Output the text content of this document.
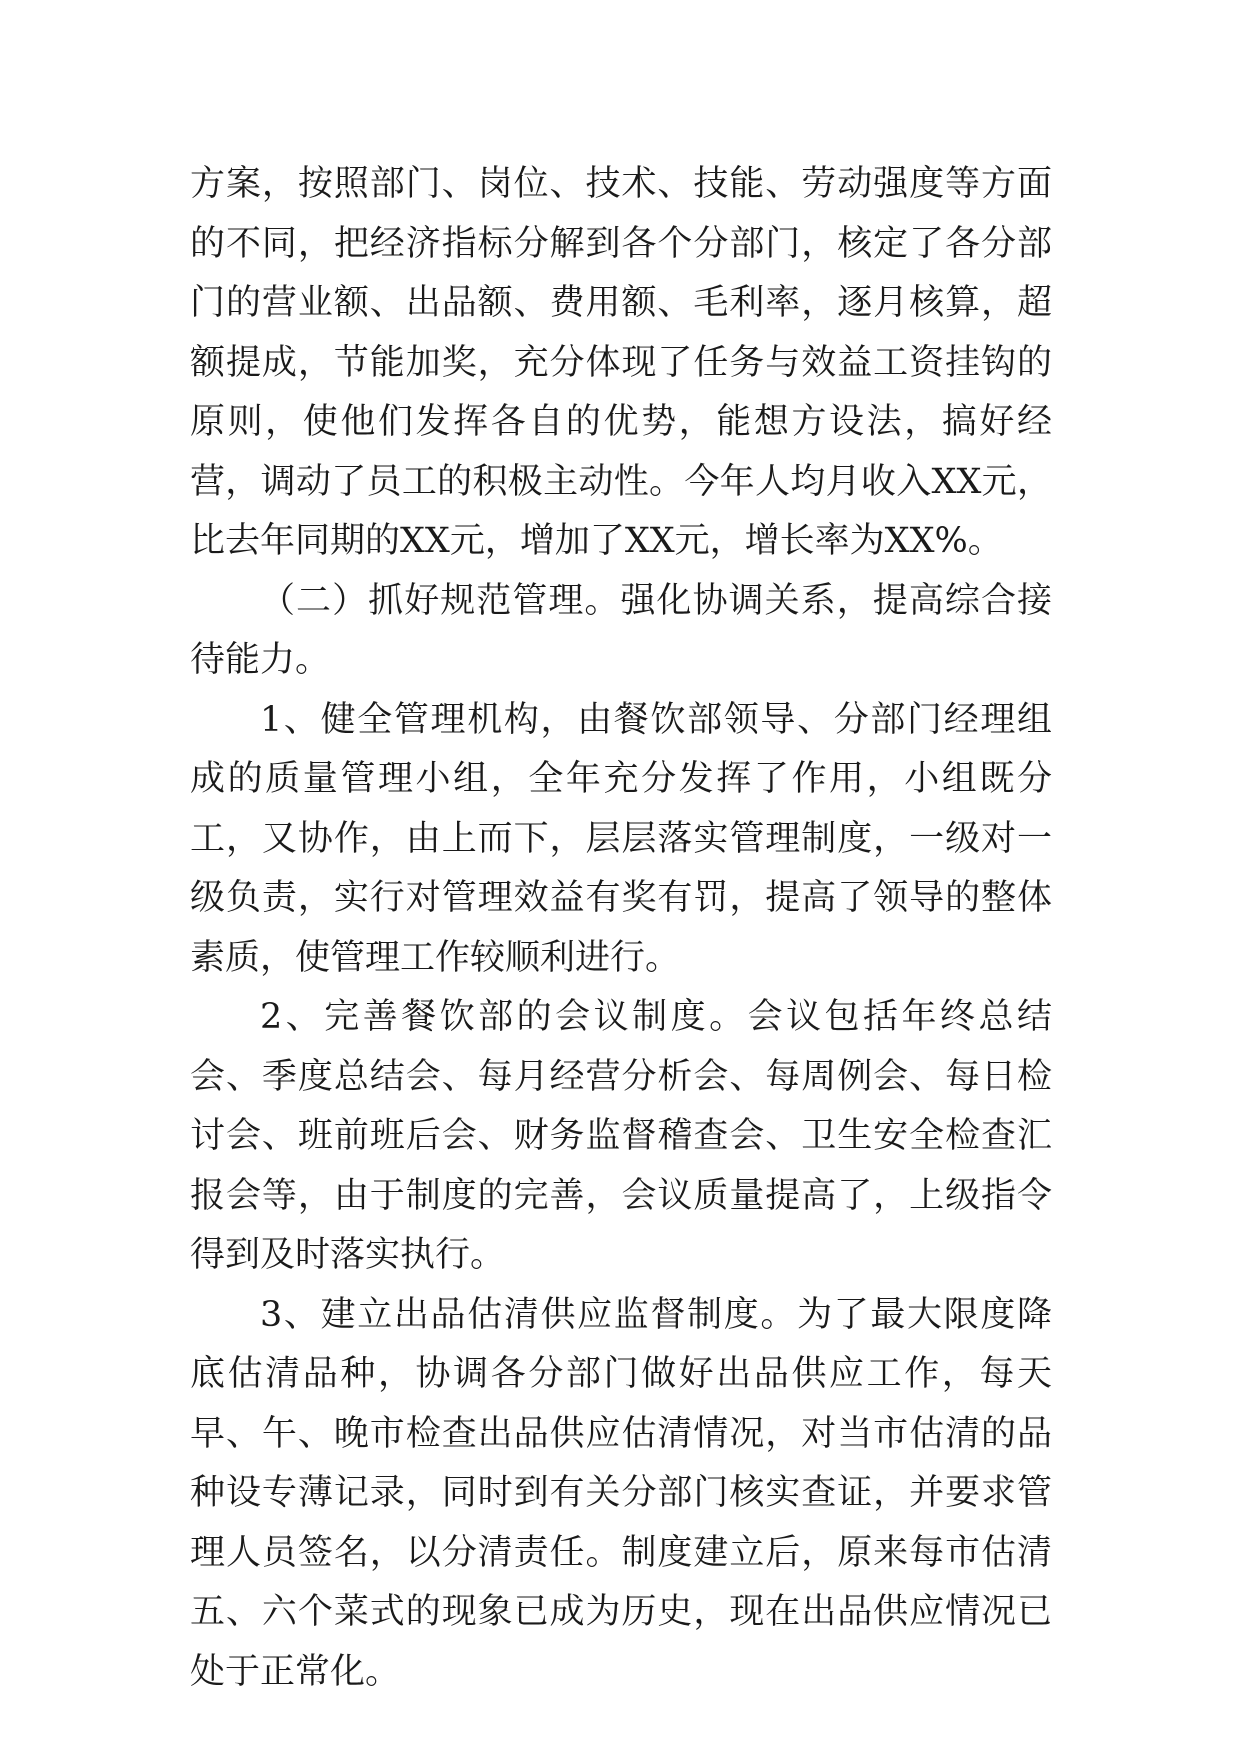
方案，按照部门、岗位、技术、技能、劳动强度等方面的不同，把经济指标分解到各个分部门，核定了各分部门的营业额、出品额、费用额、毛利率，逐月核算，超额提成，节能加奖，充分体现了任务与效益工资挂钩的原则，使他们发挥各自的优势，能想方设法，搞好经营，调动了员工的积极主动性。今年人均月收入XX元，比去年同期的XX元，增加了XX元，增长率为XX%。

（二）抓好规范管理。强化协调关系，提高综合接待能力。

1、健全管理机构，由餐饮部领导、分部门经理组成的质量管理小组，全年充分发挥了作用，小组既分工，又协作，由上而下，层层落实管理制度，一级对一级负责，实行对管理效益有奖有罚，提高了领导的整体素质，使管理工作较顺利进行。

2、完善餐饮部的会议制度。会议包括年终总结会、季度总结会、每月经营分析会、每周例会、每日检讨会、班前班后会、财务监督稽查会、卫生安全检查汇报会等，由于制度的完善，会议质量提高了，上级指令得到及时落实执行。

3、建立出品估清供应监督制度。为了最大限度降底估清品种，协调各分部门做好出品供应工作，每天早、午、晚市检查出品供应估清情况，对当市估清的品种设专薄记录，同时到有关分部门核实查证，并要求管理人员签名，以分清责任。制度建立后，原来每市估清五、六个菜式的现象已成为历史，现在出品供应情况已处于正常化。
